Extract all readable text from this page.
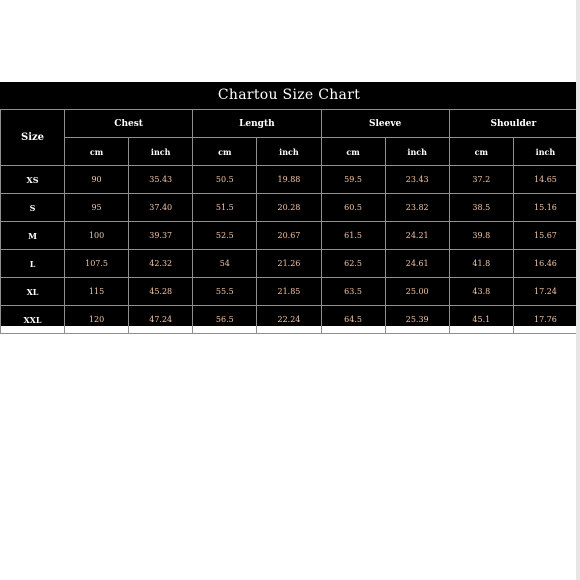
Chartou Size Chart
Size	Chest		Length		Sleeve		Shoulder	
	cm	inch	cm	inch	cm	inch	cm	inch
XS	90	35.43	50.5	19.88	59.5	23.43	37.2	14.65
S	95	37.40	51.5	20.28	60.5	23.82	38.5	15.16
M	100	39.37	52.5	20.67	61.5	24.21	39.8	15.67
L	107.5	42.32	54	21.26	62.5	24.61	41.8	16.46
XL	115	45.28	55.5	21.85	63.5	25.00	43.8	17.24
XXL	120	47.24	56.5	22.24	64.5	25.39	45.1	17.76
